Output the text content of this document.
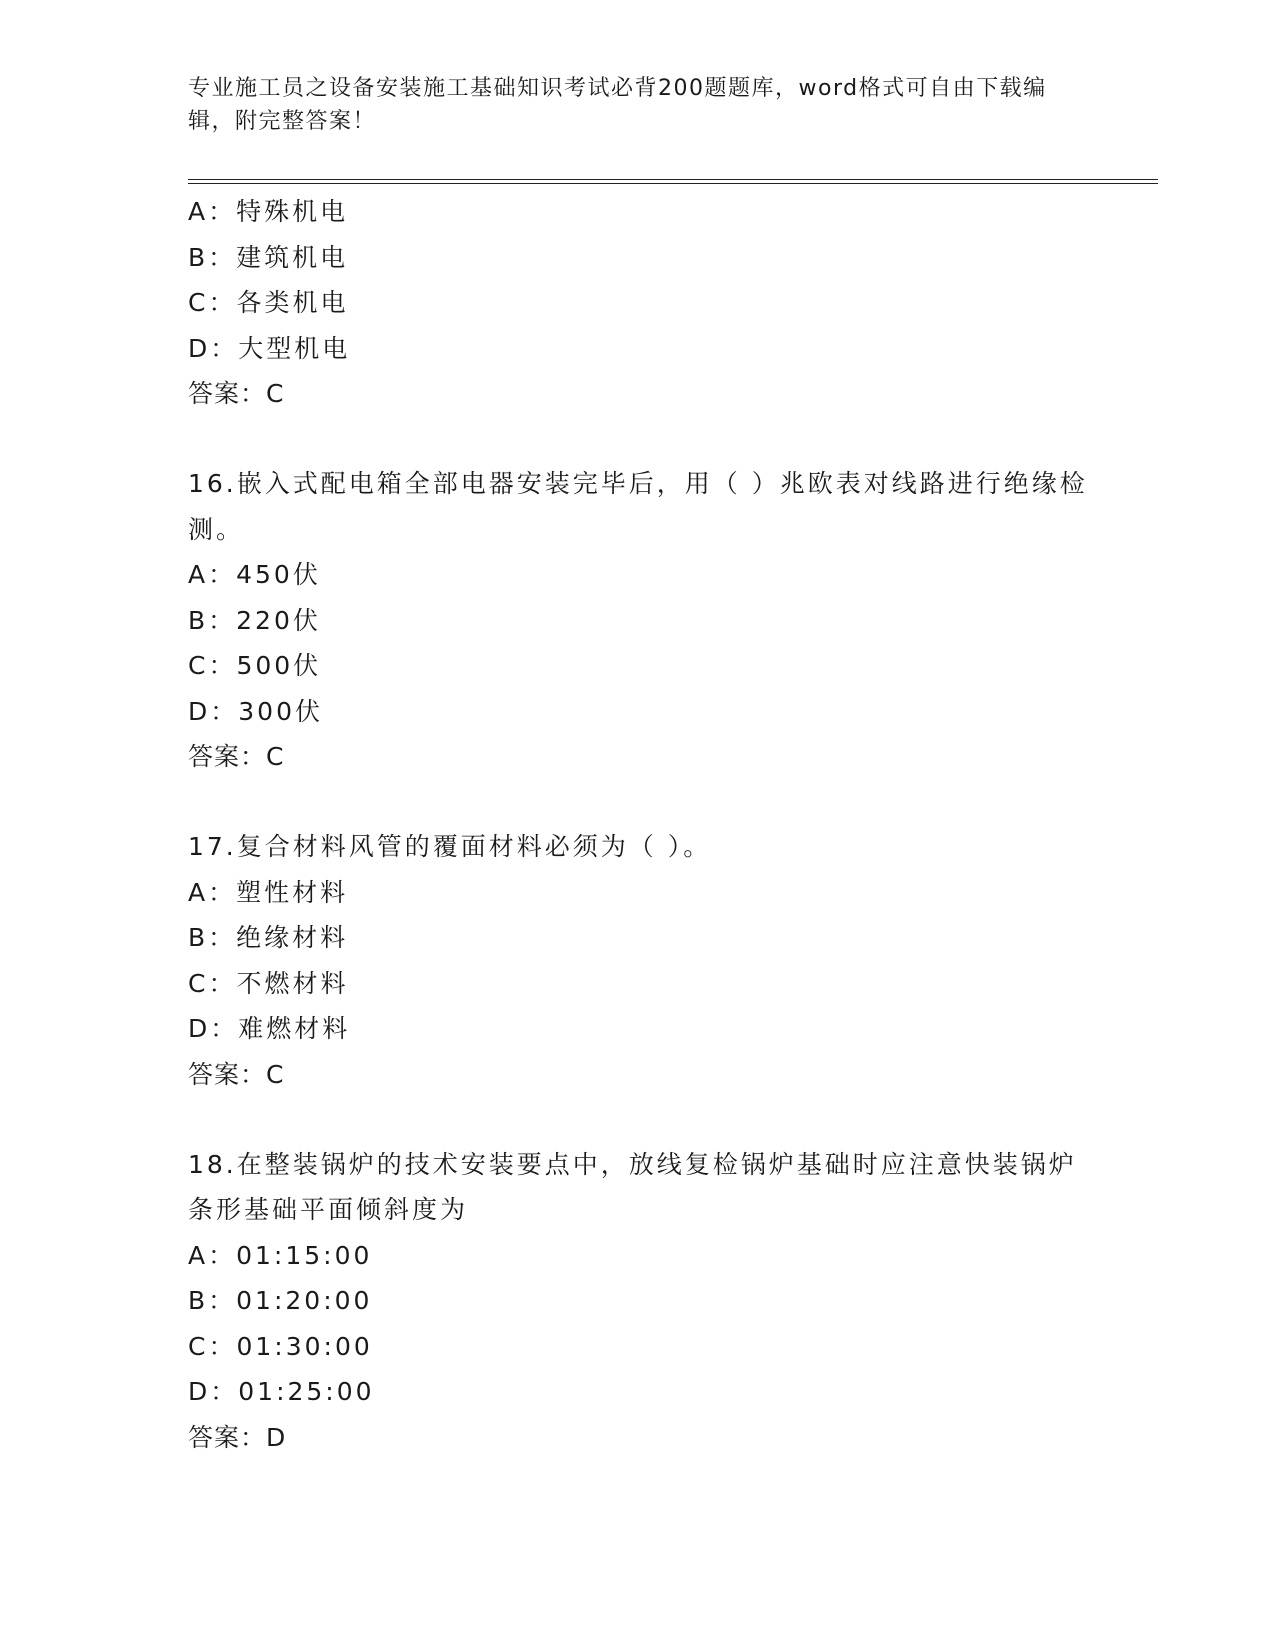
专业施工员之设备安装施工基础知识考试必背200题题库，word格式可自由下载编辑，附完整答案！
A：特殊机电
B：建筑机电
C：各类机电
D：大型机电
答案：C
16.嵌入式配电箱全部电器安装完毕后，用（ ）兆欧表对线路进行绝缘检测。
A：450伏
B：220伏
C：500伏
D：300伏
答案：C
17.复合材料风管的覆面材料必须为（ ）。
A：塑性材料
B：绝缘材料
C：不燃材料
D：难燃材料
答案：C
18.在整装锅炉的技术安装要点中，放线复检锅炉基础时应注意快装锅炉条形基础平面倾斜度为
A：01:15:00
B：01:20:00
C：01:30:00
D：01:25:00
答案：D
